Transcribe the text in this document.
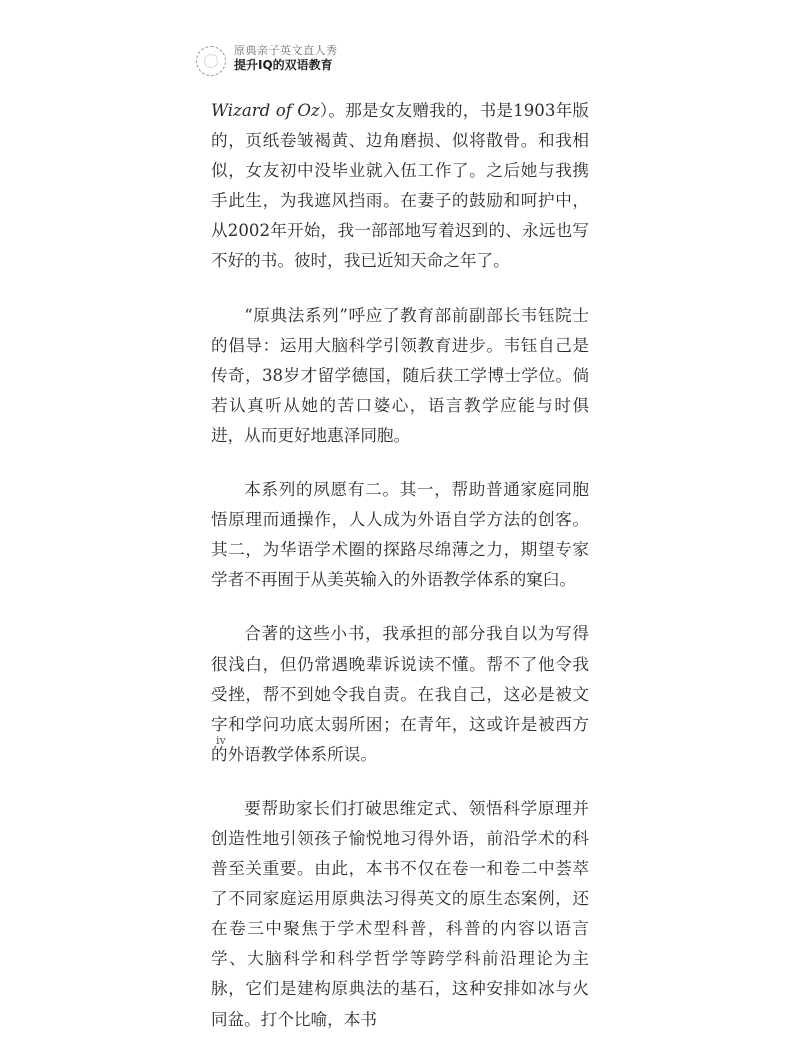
原典亲子英文直人秀
提升IQ的双语教育

Wizard of Oz）。那是女友赠我的，书是1903年版的，页纸卷皱褐黄、边角磨损、似将散骨。和我相似，女友初中没毕业就入伍工作了。之后她与我携手此生，为我遮风挡雨。在妻子的鼓励和呵护中，从2002年开始，我一部部地写着迟到的、永远也写不好的书。彼时，我已近知天命之年了。

“原典法系列”呼应了教育部前副部长韦钰院士的倡导：运用大脑科学引领教育进步。韦钰自己是传奇，38岁才留学德国，随后获工学博士学位。倘若认真听从她的苦口婆心，语言教学应能与时俱进，从而更好地惠泽同胞。

本系列的夙愿有二。其一，帮助普通家庭同胞悟原理而通操作，人人成为外语自学方法的创客。其二，为华语学术圈的探路尽绵薄之力，期望专家学者不再囿于从美英输入的外语教学体系的窠臼。

合著的这些小书，我承担的部分我自以为写得很浅白，但仍常遇晚辈诉说读不懂。帮不了他令我受挫，帮不到她令我自责。在我自己，这必是被文字和学问功底太弱所困；在青年，这或许是被西方的外语教学体系所误。

要帮助家长们打破思维定式、领悟科学原理并创造性地引领孩子愉悦地习得外语，前沿学术的科普至关重要。由此，本书不仅在卷一和卷二中荟萃了不同家庭运用原典法习得英文的原生态案例，还在卷三中聚焦于学术型科普，科普的内容以语言学、大脑科学和科学哲学等跨学科前沿理论为主脉，它们是建构原典法的基石，这种安排如冰与火同盆。打个比喻，本书

iv
